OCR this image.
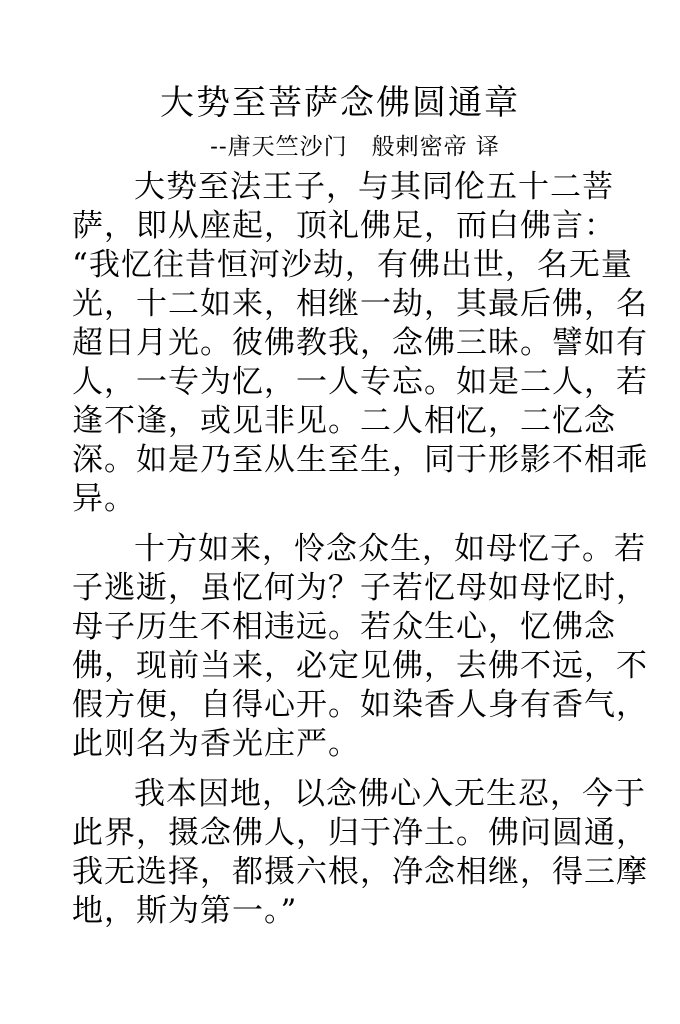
大势至菩萨念佛圆通章
--唐天竺沙门　般剌密帝 译

大势至法王子，与其同伦五十二菩
萨，即从座起，顶礼佛足，而白佛言：
“我忆往昔恒河沙劫，有佛出世，名无量
光，十二如来，相继一劫，其最后佛，名
超日月光。彼佛教我，念佛三昧。譬如有
人，一专为忆，一人专忘。如是二人，若
逢不逢，或见非见。二人相忆，二忆念
深。如是乃至从生至生，同于形影不相乖
异。

十方如来，怜念众生，如母忆子。若
子逃逝，虽忆何为？子若忆母如母忆时，
母子历生不相违远。若众生心，忆佛念
佛，现前当来，必定见佛，去佛不远，不
假方便，自得心开。如染香人身有香气，
此则名为香光庄严。

我本因地，以念佛心入无生忍，今于
此界，摄念佛人，归于净土。佛问圆通，
我无选择，都摄六根，净念相继，得三摩
地，斯为第一。”
